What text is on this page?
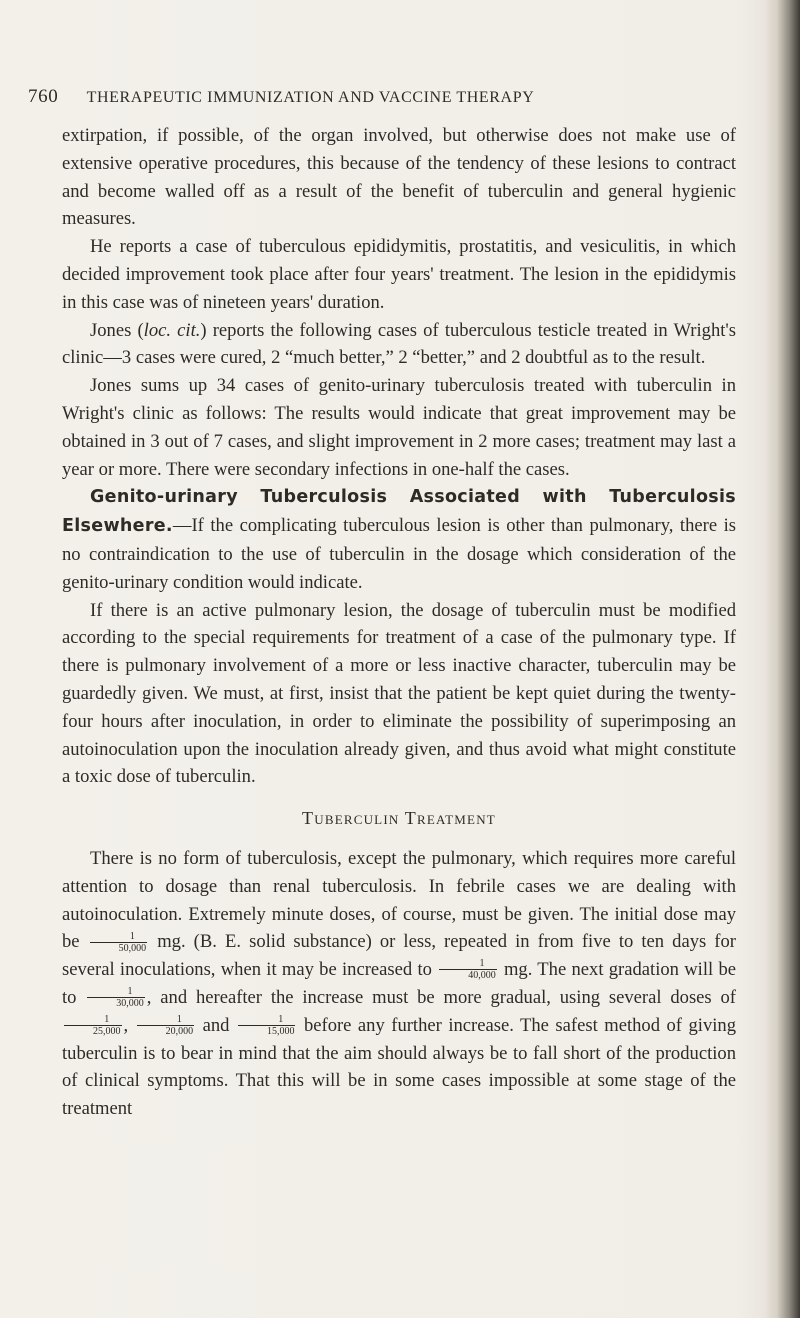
760 THERAPEUTIC IMMUNIZATION AND VACCINE THERAPY

extirpation, if possible, of the organ involved, but otherwise does not make use of extensive operative procedures, this because of the tendency of these lesions to contract and become walled off as a result of the benefit of tuberculin and general hygienic measures.

He reports a case of tuberculous epididymitis, prostatitis, and vesiculitis, in which decided improvement took place after four years' treatment. The lesion in the epididymis in this case was of nineteen years' duration.

Jones (loc. cit.) reports the following cases of tuberculous testicle treated in Wright's clinic—3 cases were cured, 2 “much better,” 2 “better,” and 2 doubtful as to the result.

Jones sums up 34 cases of genito-urinary tuberculosis treated with tuberculin in Wright's clinic as follows: The results would indicate that great improvement may be obtained in 3 out of 7 cases, and slight improvement in 2 more cases; treatment may last a year or more. There were secondary infections in one-half the cases.

Genito-urinary Tuberculosis Associated with Tuberculosis Elsewhere.—If the complicating tuberculous lesion is other than pulmonary, there is no contraindication to the use of tuberculin in the dosage which consideration of the genito-urinary condition would indicate.

If there is an active pulmonary lesion, the dosage of tuberculin must be modified according to the special requirements for treatment of a case of the pulmonary type. If there is pulmonary involvement of a more or less inactive character, tuberculin may be guardedly given. We must, at first, insist that the patient be kept quiet during the twenty-four hours after inoculation, in order to eliminate the possibility of superimposing an autoinoculation upon the inoculation already given, and thus avoid what might constitute a toxic dose of tuberculin.

Tuberculin Treatment

There is no form of tuberculosis, except the pulmonary, which requires more careful attention to dosage than renal tuberculosis. In febrile cases we are dealing with autoinoculation. Extremely minute doses, of course, must be given. The initial dose may be $\frac{1}{50,000}$ mg. (B. E. solid substance) or less, repeated in from five to ten days for several inoculations, when it may be increased to $\frac{1}{40,000}$ mg. The next gradation will be to $\frac{1}{30,000}$ , and hereafter the increase must be more gradual, using several doses of
$\frac{1}{25,000}$ , $\frac{1}{20,000}$ and $\frac{1}{15,000}$ before any further increase. The safest method of giving tuberculin is to bear in mind that the aim should always be to fall short of the production of clinical symptoms. That this will be in some cases impossible at some stage of the treatment
